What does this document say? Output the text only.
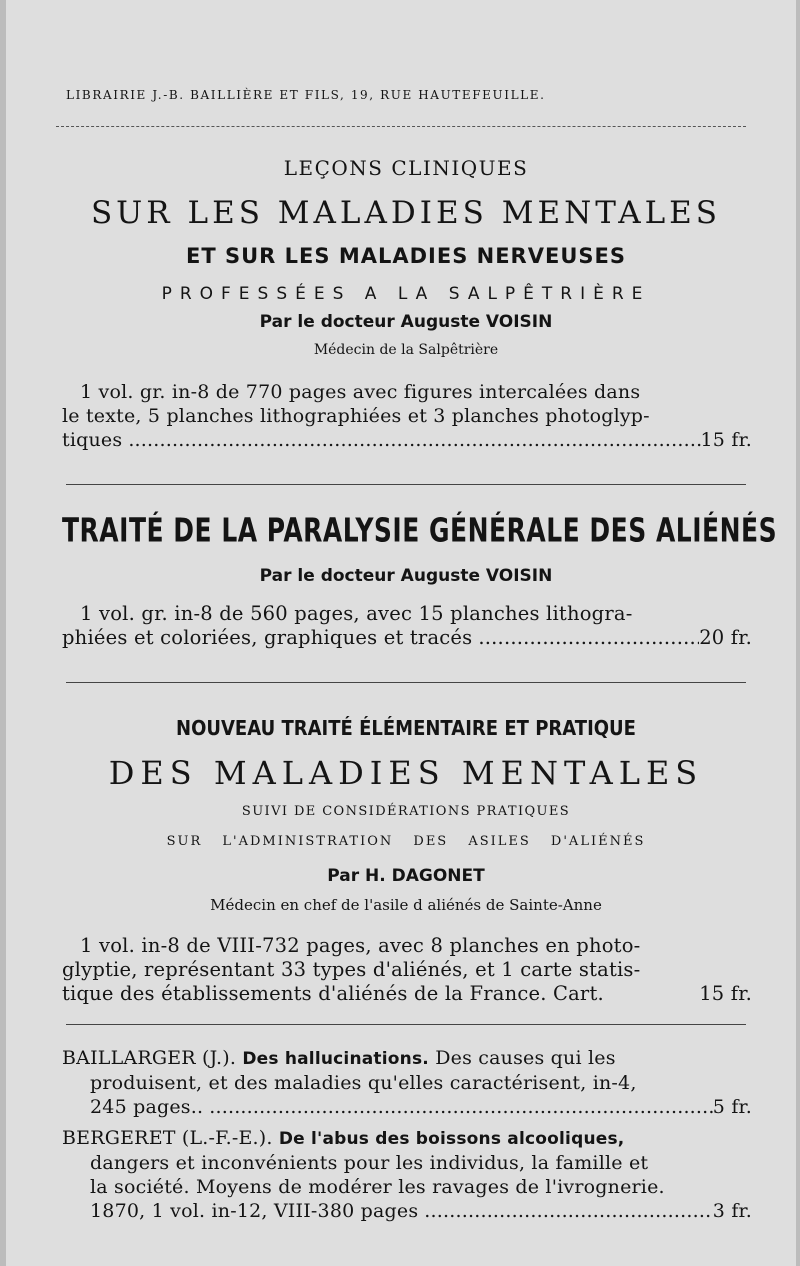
LIBRAIRIE J.-B. BAILLIÈRE ET FILS, 19, RUE HAUTEFEUILLE.
LEÇONS CLINIQUES
SUR LES MALADIES MENTALES
ET SUR LES MALADIES NERVEUSES
PROFESSÉES A LA SALPÊTRIÈRE
Par le docteur Auguste VOISIN
Médecin de la Salpêtrière
1 vol. gr. in-8 de 770 pages avec figures intercalées dans
le texte, 5 planches lithographiées et 3 planches photoglyp-
tiques .....	15 fr.
TRAITÉ DE LA PARALYSIE GÉNÉRALE DES ALIÉNÉS
Par le docteur Auguste VOISIN
1 vol. gr. in-8 de 560 pages, avec 15 planches lithogra-
phiées et coloriées, graphiques et tracés .....	20 fr.
NOUVEAU TRAITÉ ÉLÉMENTAIRE ET PRATIQUE
DES MALADIES MENTALES
SUIVI DE CONSIDÉRATIONS PRATIQUES
SUR L'ADMINISTRATION DES ASILES D'ALIÉNÉS
Par H. DAGONET
Médecin en chef de l'asile d aliénés de Sainte-Anne
1 vol. in-8 de VIII-732 pages, avec 8 planches en photo-
glyptie, représentant 33 types d'aliénés, et 1 carte statis-
tique des établissements d'aliénés de la France. Cart.	15 fr.
BAILLARGER (J.). Des hallucinations. Des causes qui les
produisent, et des maladies qu'elles caractérisent, in-4,
245 pages.. .....	5 fr.
BERGERET (L.-F.-E.). De l'abus des boissons alcooliques,
dangers et inconvénients pour les individus, la famille et
la société. Moyens de modérer les ravages de l'ivrognerie.
1870, 1 vol. in-12, VIII-380 pages .....	3 fr.
